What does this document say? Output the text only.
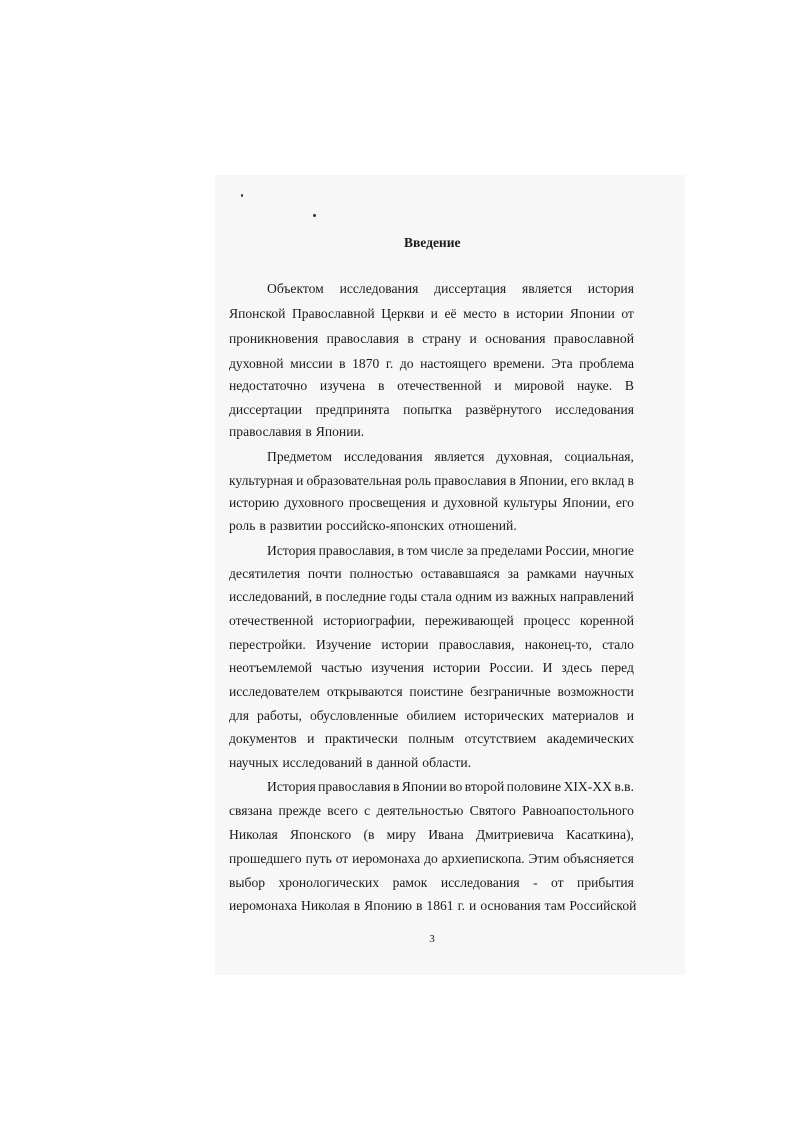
Введение
Объектом исследования диссертация является история
Японской Православной Церкви и её место в истории Японии от
проникновения православия в страну и основания православной
духовной миссии в 1870 г. до настоящего времени. Эта проблема
недостаточно изучена в отечественной и мировой науке. В
диссертации предпринята попытка развёрнутого исследования
православия в Японии.
Предметом исследования является духовная, социальная,
культурная и образовательная роль православия в Японии, его вклад в
историю духовного просвещения и духовной культуры Японии, его
роль в развитии российско-японских отношений.
История православия, в том числе за пределами России, многие
десятилетия почти полностью остававшаяся за рамками научных
исследований, в последние годы стала одним из важных направлений
отечественной историографии, переживающей процесс коренной
перестройки. Изучение истории православия, наконец-то, стало
неотъемлемой частью изучения истории России. И здесь перед
исследователем открываются поистине безграничные возможности
для работы, обусловленные обилием исторических материалов и
документов и практически полным отсутствием академических
научных исследований в данной области.
История православия в Японии во второй половине XIX-XX в.в.
связана прежде всего с деятельностью Святого Равноапостольного
Николая Японского (в миру Ивана Дмитриевича Касаткина),
прошедшего путь от иеромонаха до архиепископа. Этим объясняется
выбор хронологических рамок исследования - от прибытия
иеромонаха Николая в Японию в 1861 г. и основания там Российской
3
